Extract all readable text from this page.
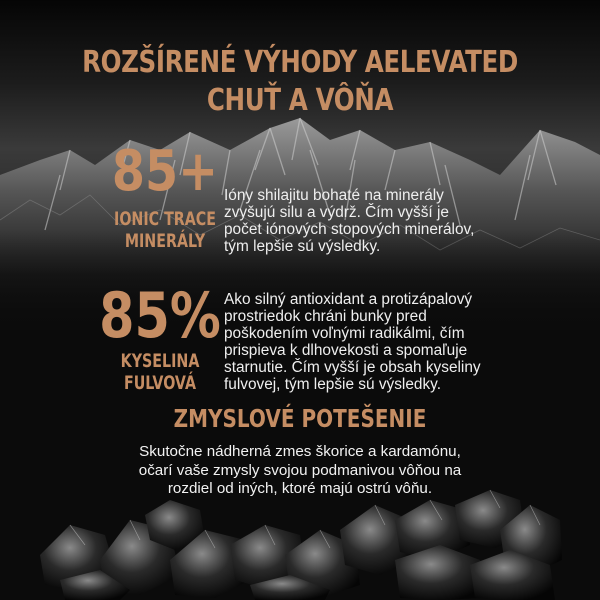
ROZŠÍRENÉ VÝHODY AELEVATED
CHUŤ A VÔŇA
85+
IONIC TRACE
MINERÁLY
Ióny shilajitu bohaté na minerály
zvyšujú silu a výdrž. Čím vyšší je
počet iónových stopových minerálov,
tým lepšie sú výsledky.
85%
KYSELINA
FULVOVÁ
Ako silný antioxidant a protizápalový
prostriedok chráni bunky pred
poškodením voľnými radikálmi, čím
prispieva k dlhovekosti a spomaľuje
starnutie. Čím vyšší je obsah kyseliny
fulvovej, tým lepšie sú výsledky.
ZMYSLOVÉ POTEŠENIE
Skutočne nádherná zmes škorice a kardamónu,
očarí vaše zmysly svojou podmanivou vôňou na
rozdiel od iných, ktoré majú ostrú vôňu.
